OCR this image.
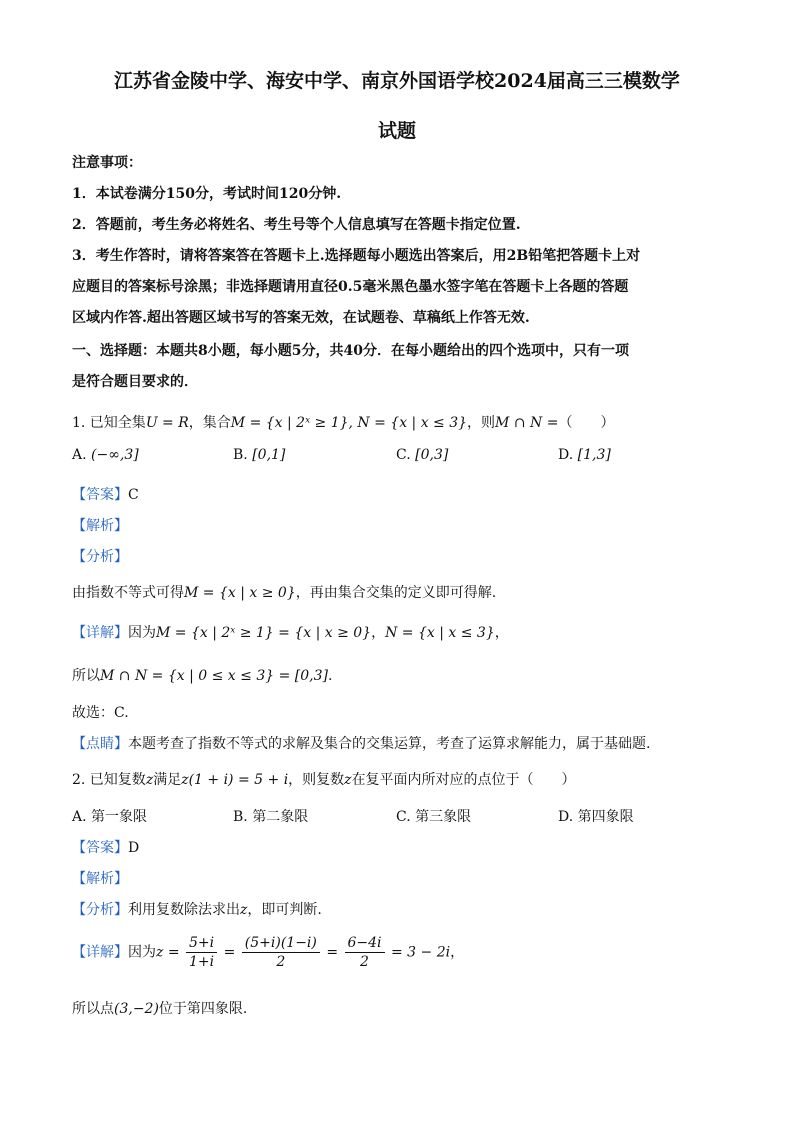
江苏省金陵中学、海安中学、南京外国语学校2024届高三三模数学
试题
注意事项：
1．本试卷满分150分，考试时间120分钟.
2．答题前，考生务必将姓名、考生号等个人信息填写在答题卡指定位置.
3．考生作答时，请将答案答在答题卡上.选择题每小题选出答案后，用2B铅笔把答题卡上对
应题目的答案标号涂黑；非选择题请用直径0.5毫米黑色墨水签字笔在答题卡上各题的答题
区域内作答.超出答题区域书写的答案无效，在试题卷、草稿纸上作答无效.
一、选择题：本题共8小题，每小题5分，共40分．在每小题给出的四个选项中，只有一项
是符合题目要求的．
1. 已知全集U = R，集合M = {x | 2ˣ ≥ 1}, N = {x | x ≤ 3}，则M ∩ N =（　　）
A. (−∞,3]	B. [0,1]	C. [0,3]	D. [1,3]
【答案】C
【解析】
【分析】
由指数不等式可得M = {x | x ≥ 0}，再由集合交集的定义即可得解.
【详解】因为M = {x | 2ˣ ≥ 1} = {x | x ≥ 0}，N = {x | x ≤ 3}，
所以M ∩ N = {x | 0 ≤ x ≤ 3} = [0,3].
故选：C.
【点睛】本题考查了指数不等式的求解及集合的交集运算，考查了运算求解能力，属于基础题.
2. 已知复数z满足z(1 + i) = 5 + i，则复数z在复平面内所对应的点位于（　　）
A. 第一象限	B. 第二象限	C. 第三象限	D. 第四象限
【答案】D
【解析】
【分析】利用复数除法求出z，即可判断.
【详解】因为$z = \frac{5+i}{1+i} = \frac{(5+i)(1-i)}{2} = \frac{6-4i}{2} = 3 - 2i$，
所以点(3,−2)位于第四象限.
